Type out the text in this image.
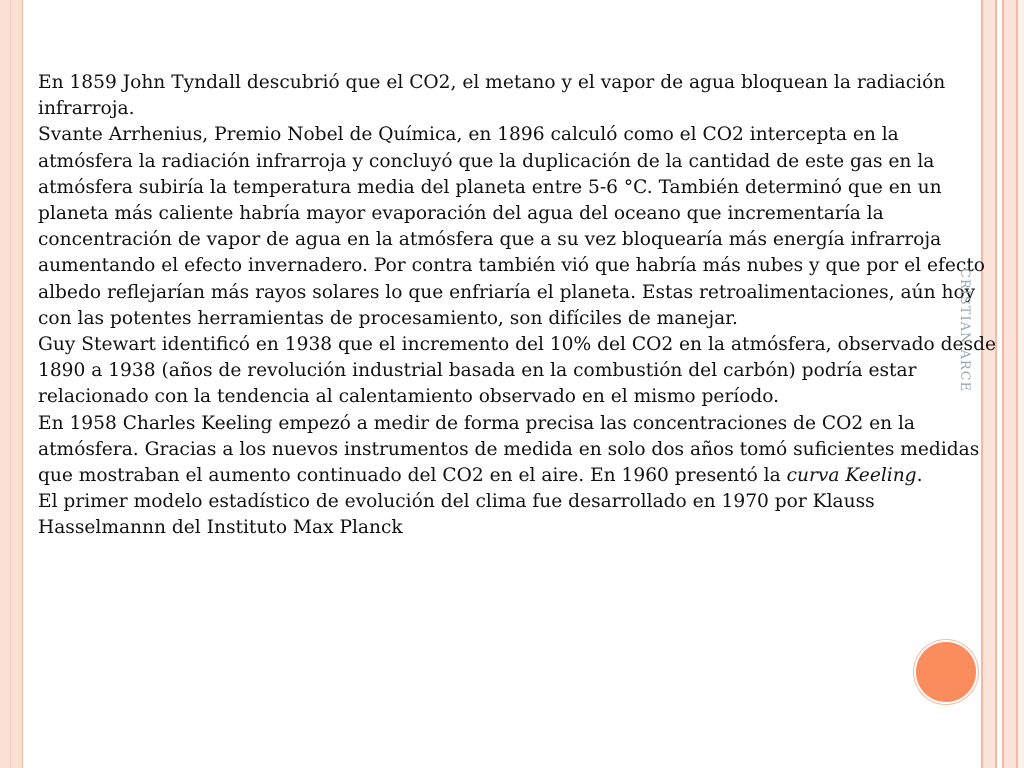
En 1859 John Tyndall descubrió que el CO2, el metano y el vapor de agua bloquean la radiación infrarroja.

Svante Arrhenius, Premio Nobel de Química, en 1896 calculó como el CO2 intercepta en la atmósfera la radiación infrarroja y concluyó que la duplicación de la cantidad de este gas en la atmósfera subiría la temperatura media del planeta entre 5-6 °C. También determinó que en un planeta más caliente habría mayor evaporación del agua del oceano que incrementaría la concentración de vapor de agua en la atmósfera que a su vez bloquearía más energía infrarroja aumentando el efecto invernadero. Por contra también vió que habría más nubes y que por el efecto albedo reflejarían más rayos solares lo que enfriaría el planeta. Estas retroalimentaciones, aún hoy con las potentes herramientas de procesamiento, son difíciles de manejar.

Guy Stewart identificó en 1938 que el incremento del 10% del CO2 en la atmósfera, observado desde 1890 a 1938 (años de revolución industrial basada en la combustión del carbón) podría estar relacionado con la tendencia al calentamiento observado en el mismo período.

En 1958 Charles Keeling empezó a medir de forma precisa las concentraciones de CO2 en la atmósfera. Gracias a los nuevos instrumentos de medida en solo dos años tomó suficientes medidas que mostraban el aumento continuado del CO2 en el aire. En 1960 presentó la curva Keeling.

El primer modelo estadístico de evolución del clima fue desarrollado en 1970 por Klauss Hasselmannn del Instituto Max Planck

CRISTIAN ARCE
